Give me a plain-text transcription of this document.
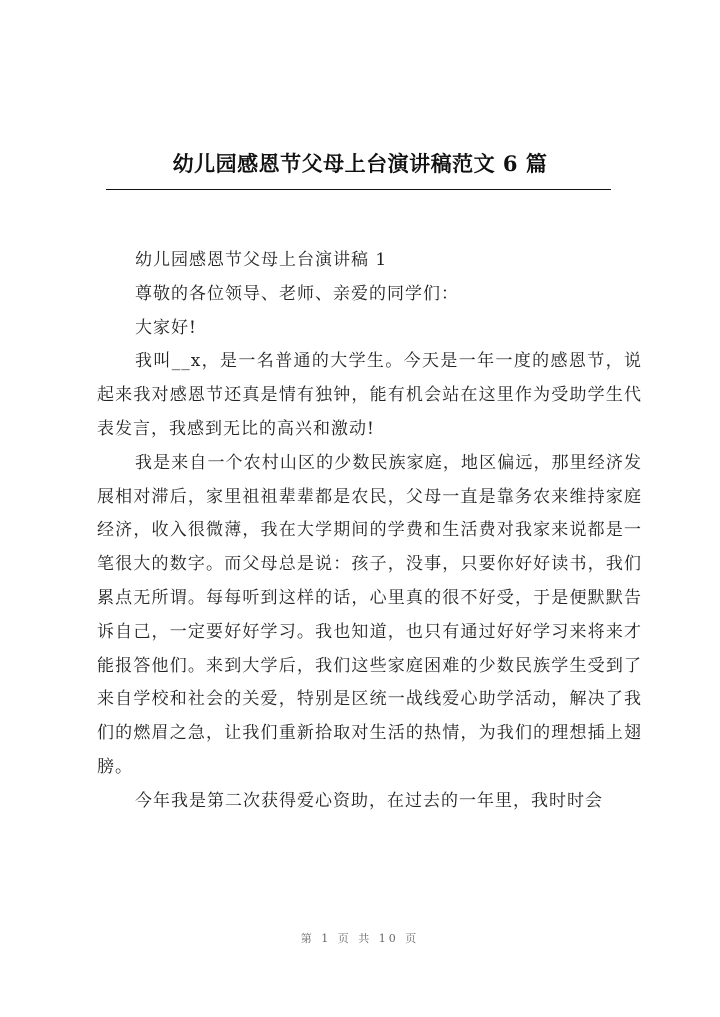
幼儿园感恩节父母上台演讲稿范文 6 篇

幼儿园感恩节父母上台演讲稿 1

尊敬的各位领导、老师、亲爱的同学们：

大家好!

我叫__x，是一名普通的大学生。今天是一年一度的感恩节，说起来我对感恩节还真是情有独钟，能有机会站在这里作为受助学生代表发言，我感到无比的高兴和激动!

我是来自一个农村山区的少数民族家庭，地区偏远，那里经济发展相对滞后，家里祖祖辈辈都是农民，父母一直是靠务农来维持家庭经济，收入很微薄，我在大学期间的学费和生活费对我家来说都是一笔很大的数字。而父母总是说：孩子，没事，只要你好好读书，我们累点无所谓。每每听到这样的话，心里真的很不好受，于是便默默告诉自己，一定要好好学习。我也知道，也只有通过好好学习来将来才能报答他们。来到大学后，我们这些家庭困难的少数民族学生受到了来自学校和社会的关爱，特别是区统一战线爱心助学活动，解决了我们的燃眉之急，让我们重新拾取对生活的热情，为我们的理想插上翅膀。

今年我是第二次获得爱心资助，在过去的一年里，我时时会

第 1 页 共 10 页
